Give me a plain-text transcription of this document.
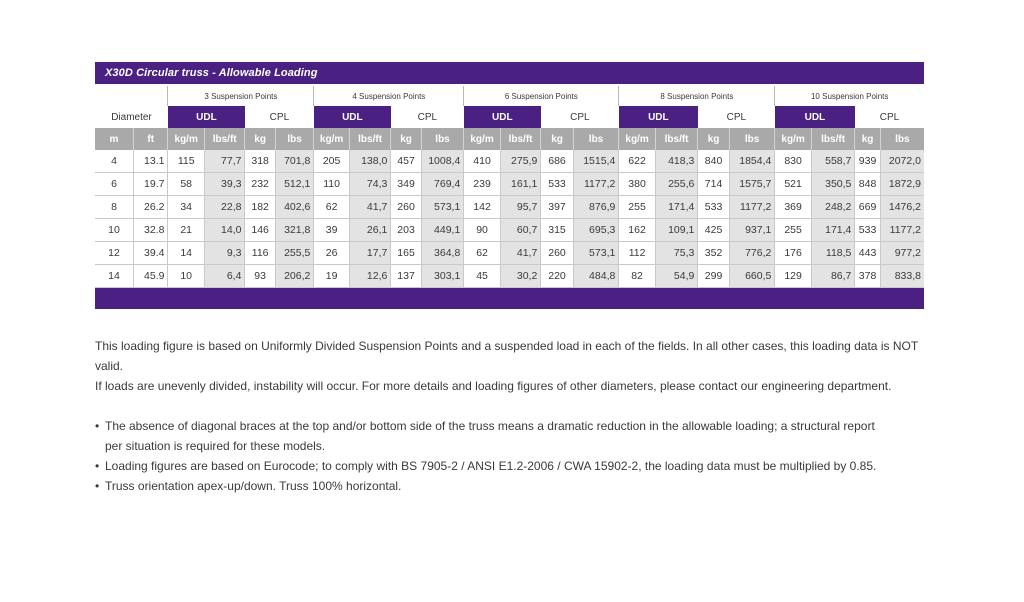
X30D Circular truss - Allowable Loading
		3 Suspension Points				4 Suspension Points				6 Suspension Points				8 Suspension Points				10 Suspension Points			
Diameter		UDL		CPL		UDL		CPL		UDL		CPL		UDL		CPL		UDL		CPL	
m	ft	kg/m	lbs/ft	kg	lbs	kg/m	lbs/ft	kg	lbs	kg/m	lbs/ft	kg	lbs	kg/m	lbs/ft	kg	lbs	kg/m	lbs/ft	kg	lbs
4	13.1	115	77,7	318	701,8	205	138,0	457	1008,4	410	275,9	686	1515,4	622	418,3	840	1854,4	830	558,7	939	2072,0
6	19.7	58	39,3	232	512,1	110	74,3	349	769,4	239	161,1	533	1177,2	380	255,6	714	1575,7	521	350,5	848	1872,9
8	26.2	34	22,8	182	402,6	62	41,7	260	573,1	142	95,7	397	876,9	255	171,4	533	1177,2	369	248,2	669	1476,2
10	32.8	21	14,0	146	321,8	39	26,1	203	449,1	90	60,7	315	695,3	162	109,1	425	937,1	255	171,4	533	1177,2
12	39.4	14	9,3	116	255,5	26	17,7	165	364,8	62	41,7	260	573,1	112	75,3	352	776,2	176	118,5	443	977,2
14	45.9	10	6,4	93	206,2	19	12,6	137	303,1	45	30,2	220	484,8	82	54,9	299	660,5	129	86,7	378	833,8

This loading figure is based on Uniformly Divided Suspension Points and a suspended load in each of the fields. In all other cases, this loading data is NOT valid.

If loads are unevenly divided, instability will occur. For more details and loading figures of other diameters, please contact our engineering department.

• The absence of diagonal braces at the top and/or bottom side of the truss means a dramatic reduction in the allowable loading; a structural report

per situation is required for these models.

• Loading figures are based on Eurocode; to comply with BS 7905-2 / ANSI E1.2-2006 / CWA 15902-2, the loading data must be multiplied by 0.85.

• Truss orientation apex-up/down. Truss 100% horizontal.
